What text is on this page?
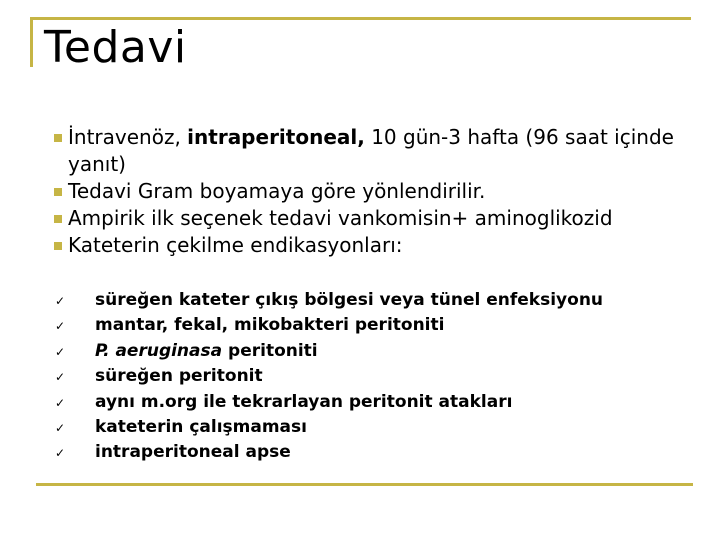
Tedavi
İntravenöz, intraperitoneal, 10 gün-3 hafta (96 saat içinde yanıt)
Tedavi Gram boyamaya göre yönlendirilir.
Ampirik ilk seçenek tedavi vankomisin+ aminoglikozid
Kateterin çekilme endikasyonları:
✓ süreğen kateter çıkış bölgesi veya tünel enfeksiyonu
✓ mantar, fekal, mikobakteri peritoniti
✓ P. aeruginasa peritoniti
✓ süreğen peritonit
✓ aynı m.org ile tekrarlayan peritonit atakları
✓ kateterin çalışmaması
✓ intraperitoneal apse
